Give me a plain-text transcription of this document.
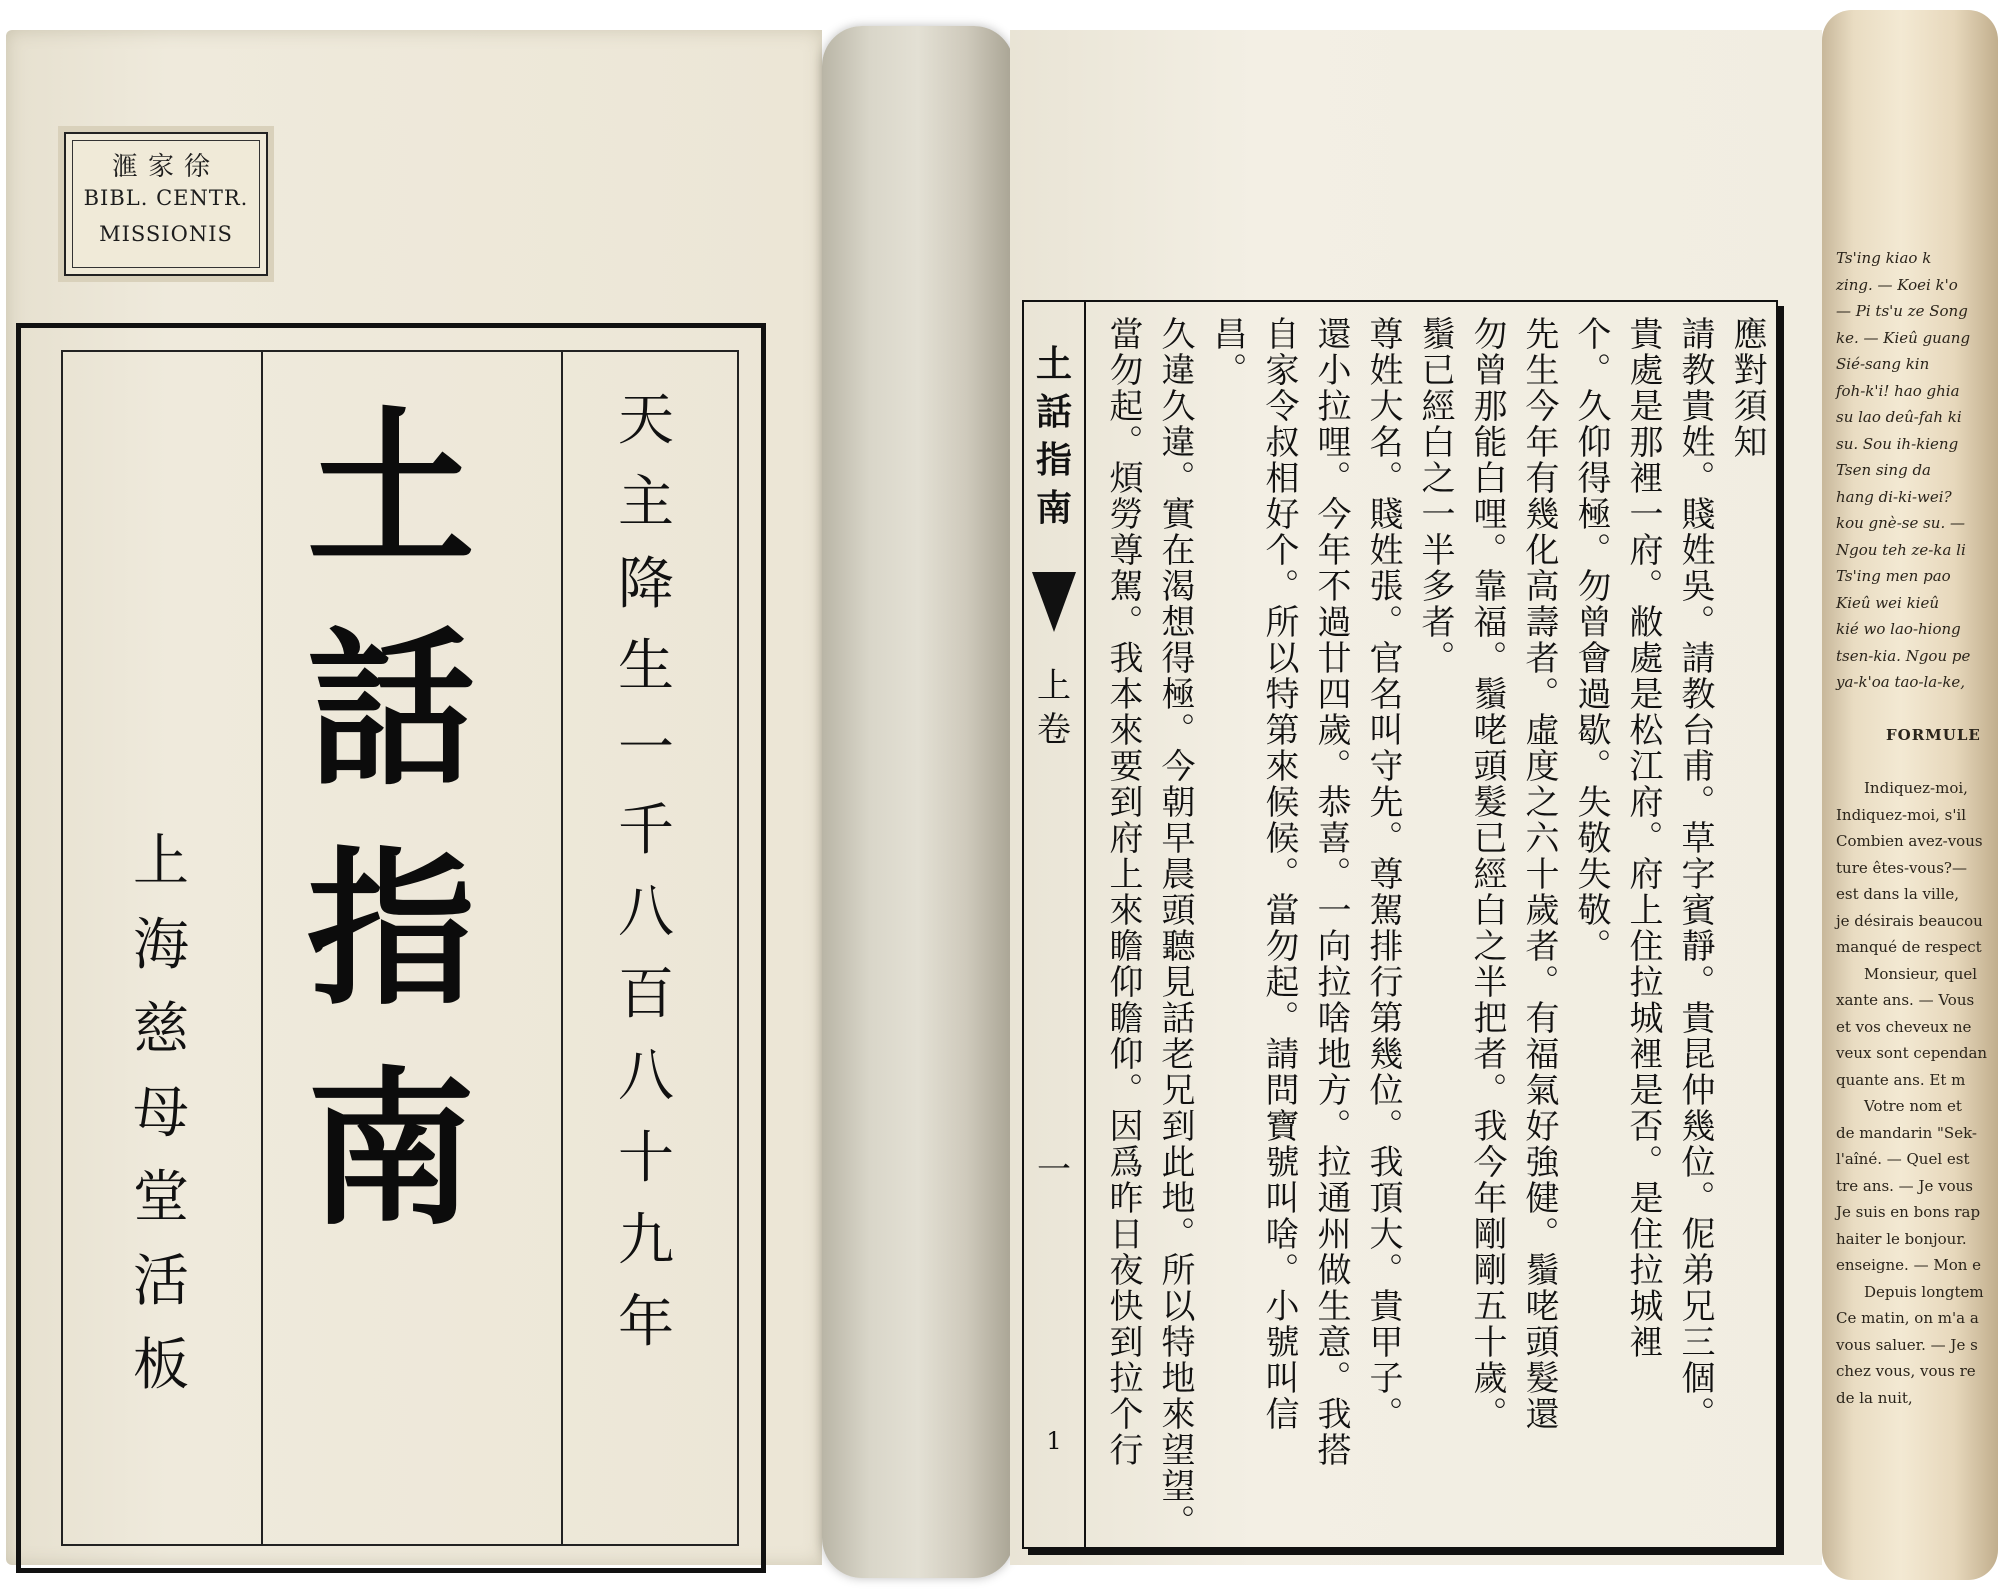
滙家徐
BIBL. CENTR.
MISSIONIS
土
話
指
南
天
主
降
生
一
千
八
百
八
十
九
年
上
海
慈
母
堂
活
板
土
話
指
南
上
卷
一
1
應對須知
請教貴姓。賤姓吳。請教台甫。草字賓靜。貴昆仲幾位。伲弟兄三個。
貴處是那裡一府。敝處是松江府。府上住拉城裡是否。是住拉城裡
个。久仰得極。勿曾會過歇。失敬失敬。
先生今年有幾化高壽者。虛度之六十歲者。有福氣好強健。鬚咾頭髮還
勿曾那能白哩。靠福。鬚咾頭髮已經白之半把者。我今年剛剛五十歲。
鬚已經白之一半多者。
尊姓大名。賤姓張。官名叫守先。尊駕排行第幾位。我頂大。貴甲子。
還小拉哩。今年不過廿四歲。恭喜。一向拉啥地方。拉通州做生意。我搭
自家令叔相好个。所以特第來候候。當勿起。請問寶號叫啥。小號叫信
昌。
久違久違。實在渴想得極。今朝早晨頭聽見話老兄到此地。所以特地來望望。
當勿起。煩勞尊駕。我本來要到府上來瞻仰瞻仰。因爲昨日夜快到拉个行
Ts'ing kiao k
zing. — Koei k'o
— Pi ts'u ze Song
ke. — Kieû guang
Sié-sang kin
foh-k'i! hao ghia
su lao deû-fah ki
su. Sou ih-kieng
Tsen sing da
hang di-ki-wei?
kou gnè-se su. —
Ngou teh ze-ka li
Ts'ing men pao
Kieû wei kieû
kié wo lao-hiong
tsen-kia. Ngou pe
ya-k'oa tao-la-ke,

FORMULE

Indiquez-moi,
Indiquez-moi, s'il
Combien avez-vous
ture êtes-vous?—
est dans la ville,
je désirais beaucou
manqué de respect
Monsieur, quel
xante ans. — Vous
et vos cheveux ne
veux sont cependan
quante ans. Et m
Votre nom et
de mandarin "Sek-
l'aîné. — Quel est
tre ans. — Je vous
Je suis en bons rap
haiter le bonjour.
enseigne. — Mon e
Depuis longtem
Ce matin, on m'a a
vous saluer. — Je s
chez vous, vous re
de la nuit,
